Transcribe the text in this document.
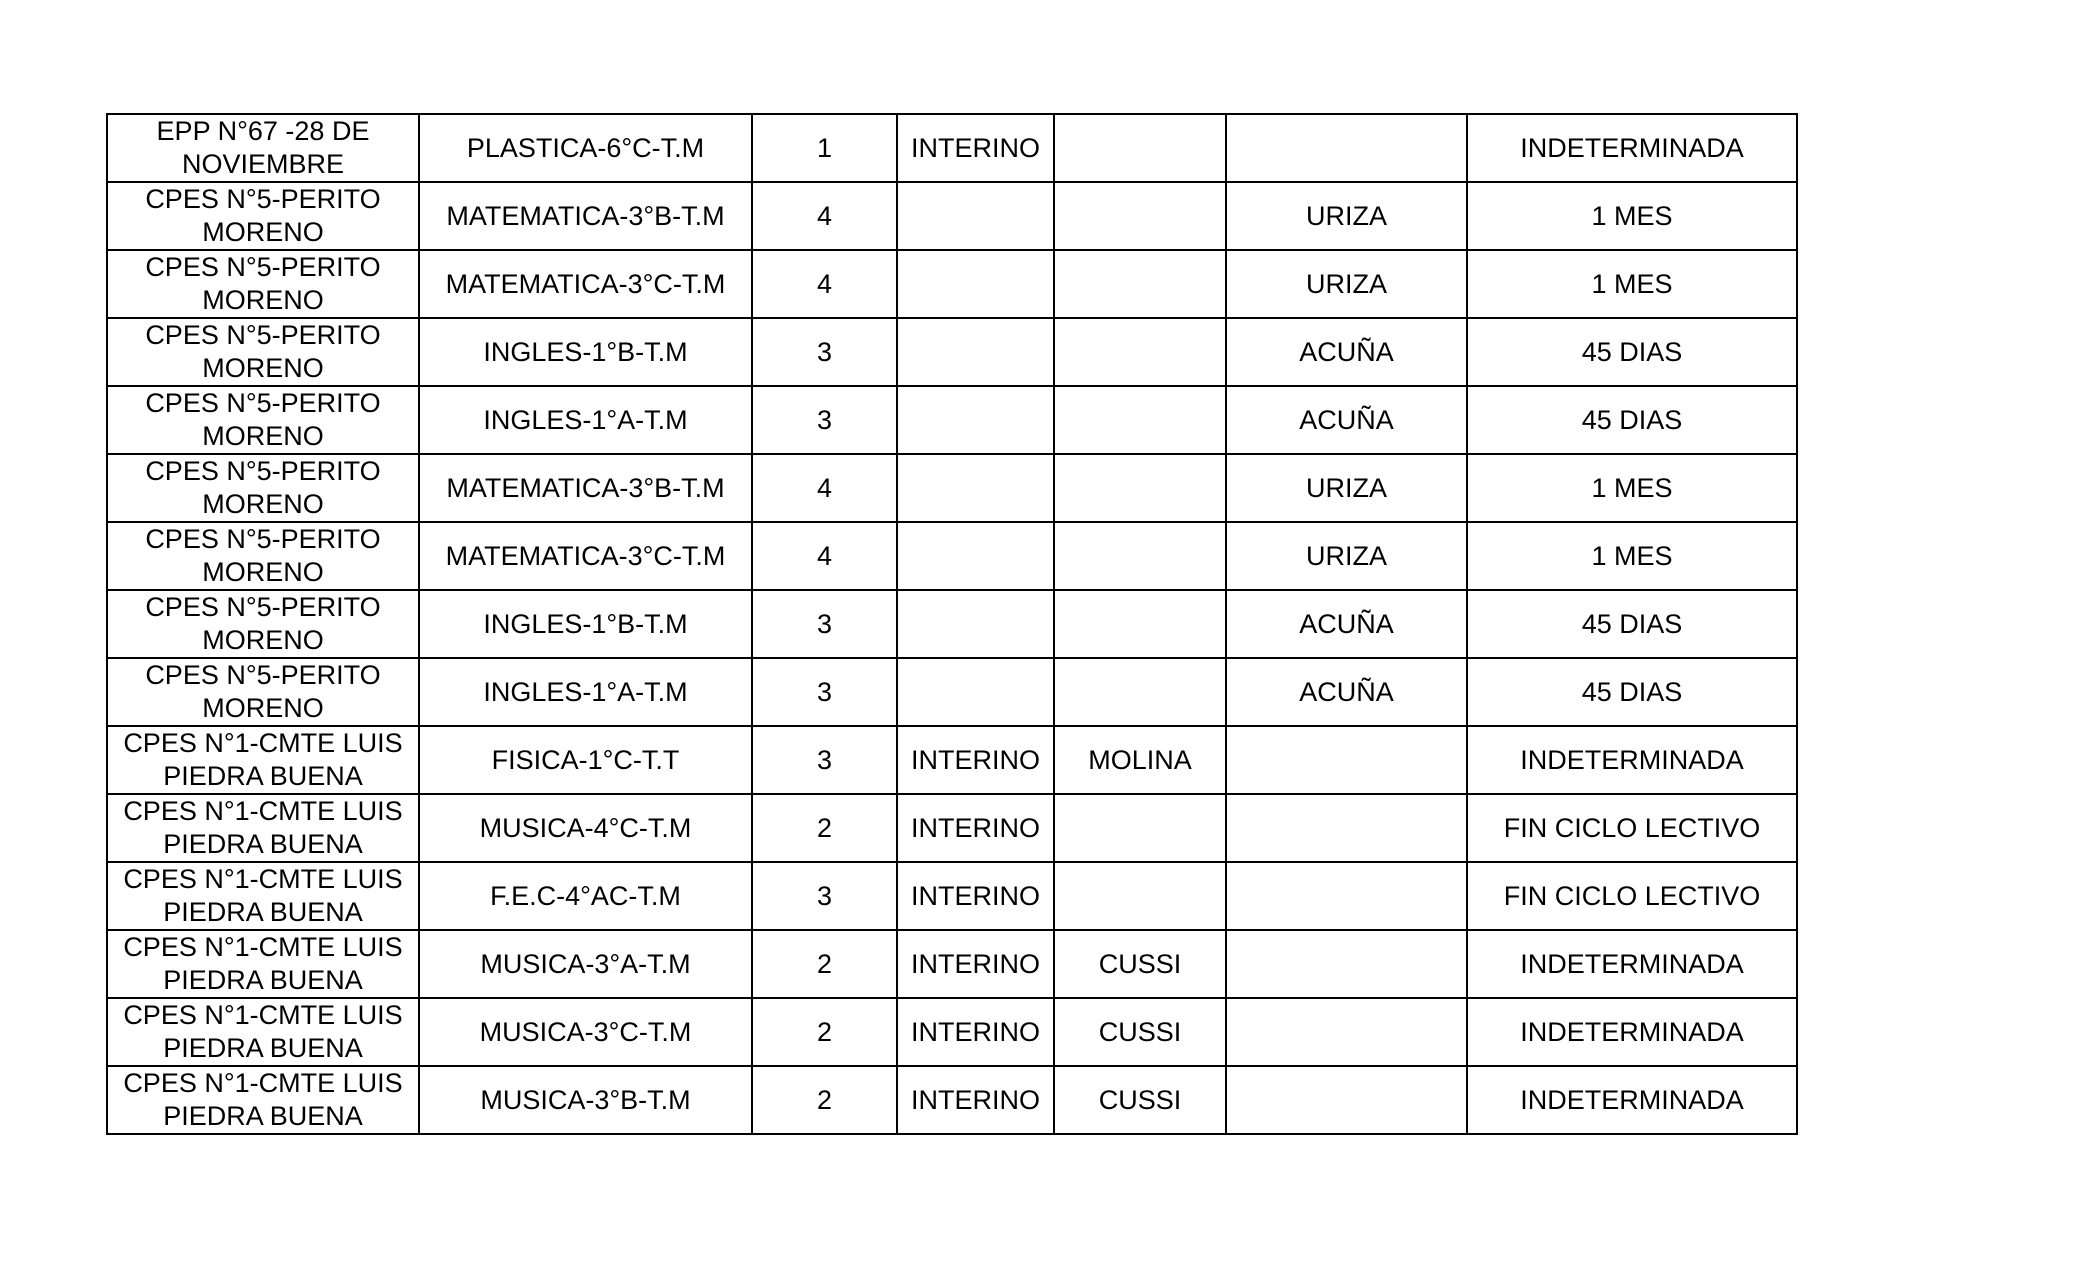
EPP N°67 -28 DE NOVIEMBRE	PLASTICA-6°C-T.M	1	INTERINO			INDETERMINADA
CPES N°5-PERITO MORENO	MATEMATICA-3°B-T.M	4			URIZA	1 MES
CPES N°5-PERITO MORENO	MATEMATICA-3°C-T.M	4			URIZA	1 MES
CPES N°5-PERITO MORENO	INGLES-1°B-T.M	3			ACUÑA	45 DIAS
CPES N°5-PERITO MORENO	INGLES-1°A-T.M	3			ACUÑA	45 DIAS
CPES N°5-PERITO MORENO	MATEMATICA-3°B-T.M	4			URIZA	1 MES
CPES N°5-PERITO MORENO	MATEMATICA-3°C-T.M	4			URIZA	1 MES
CPES N°5-PERITO MORENO	INGLES-1°B-T.M	3			ACUÑA	45 DIAS
CPES N°5-PERITO MORENO	INGLES-1°A-T.M	3			ACUÑA	45 DIAS
CPES N°1-CMTE LUIS PIEDRA BUENA	FISICA-1°C-T.T	3	INTERINO	MOLINA		INDETERMINADA
CPES N°1-CMTE LUIS PIEDRA BUENA	MUSICA-4°C-T.M	2	INTERINO			FIN CICLO LECTIVO
CPES N°1-CMTE LUIS PIEDRA BUENA	F.E.C-4°AC-T.M	3	INTERINO			FIN CICLO LECTIVO
CPES N°1-CMTE LUIS PIEDRA BUENA	MUSICA-3°A-T.M	2	INTERINO	CUSSI		INDETERMINADA
CPES N°1-CMTE LUIS PIEDRA BUENA	MUSICA-3°C-T.M	2	INTERINO	CUSSI		INDETERMINADA
CPES N°1-CMTE LUIS PIEDRA BUENA	MUSICA-3°B-T.M	2	INTERINO	CUSSI		INDETERMINADA
